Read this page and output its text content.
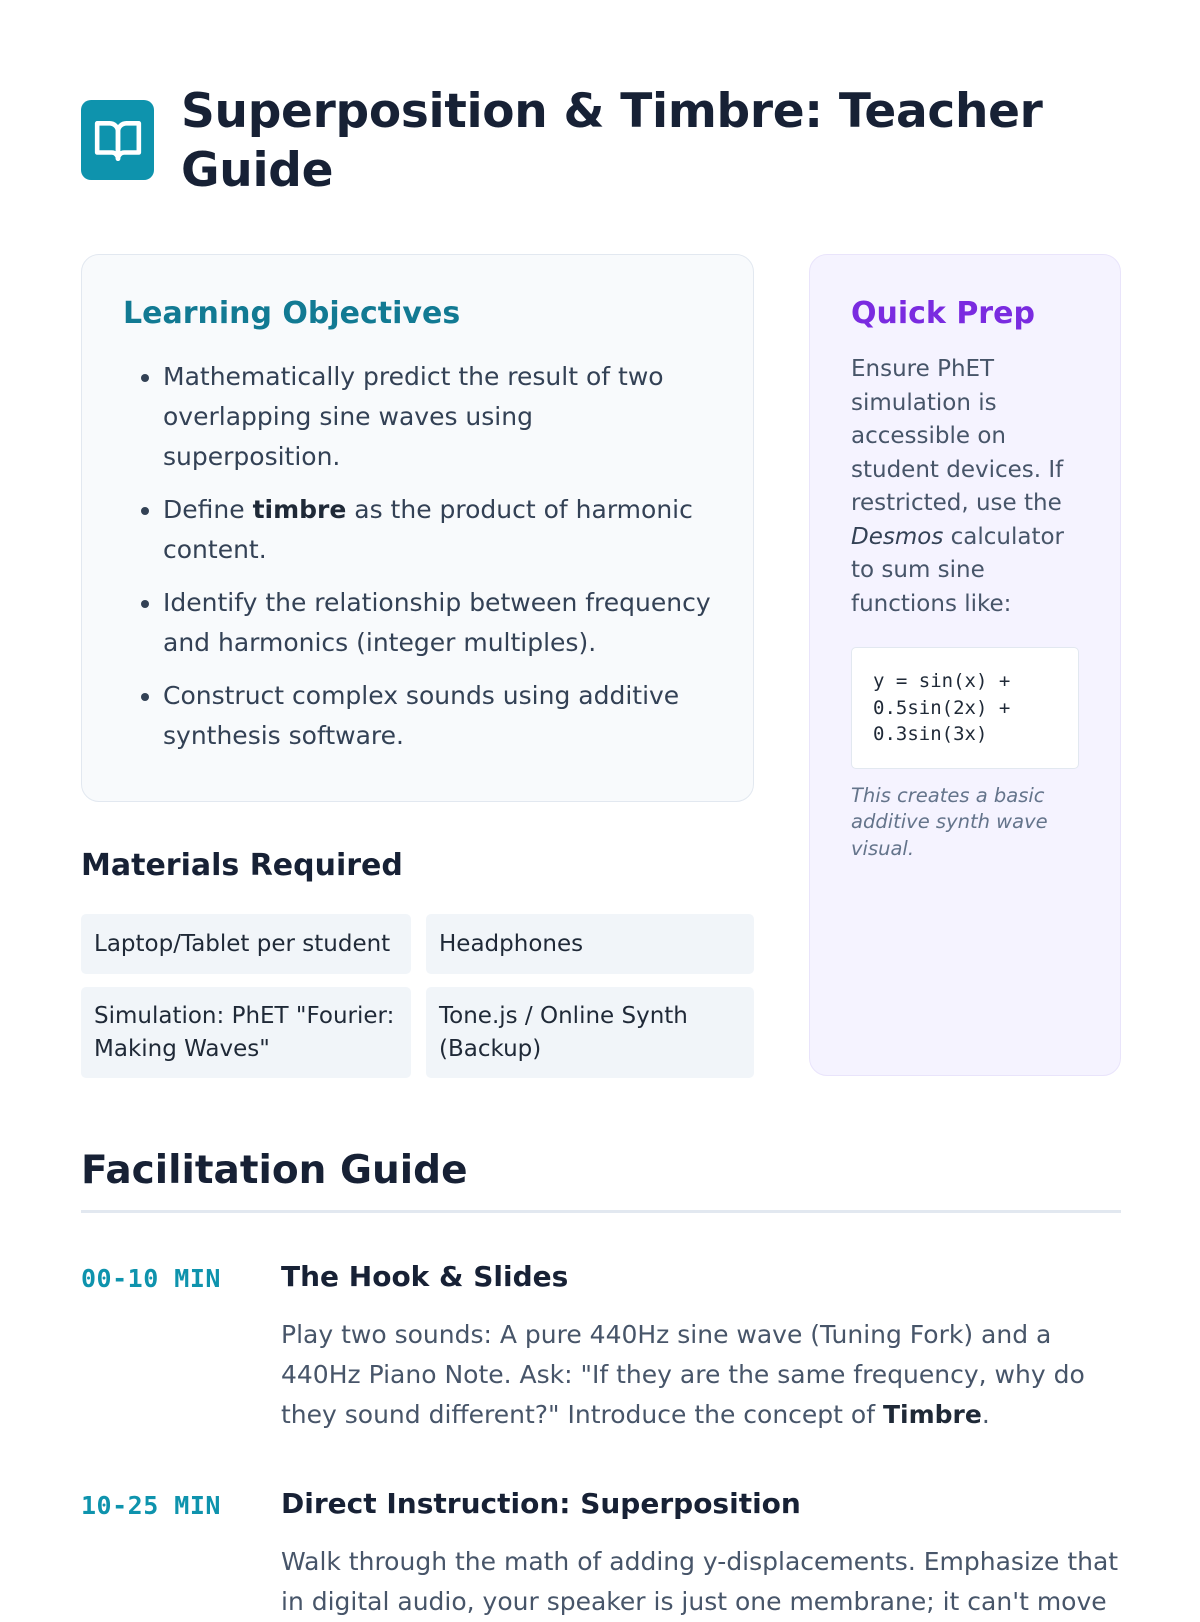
Superposition & Timbre: Teacher Guide
Learning Objectives
• Mathematically predict the result of two overlapping sine waves using superposition.
• Define timbre as the product of harmonic content.
• Identify the relationship between frequency and harmonics (integer multiples).
• Construct complex sounds using additive synthesis software.
Materials Required
Laptop/Tablet per student	Headphones
Simulation: PhET "Fourier: Making Waves"
Tone.js / Online Synth (Backup)
Quick Prep

Ensure PhET simulation is accessible on student devices. If restricted, use the Desmos calculator to sum sine functions like:

y = sin(x) + 0.5sin(2x) + 0.3sin(3x)

This creates a basic additive synth wave visual.

Facilitation Guide
00-10 MIN The Hook & Slides

Play two sounds: A pure 440Hz sine wave (Tuning Fork) and a 440Hz Piano Note. Ask: "If they are the same frequency, why do they sound different?" Introduce the concept of Timbre.

10-25 MIN Direct Instruction: Superposition

Walk through the math of adding y-displacements. Emphasize that in digital audio, your speaker is just one membrane; it can't move
